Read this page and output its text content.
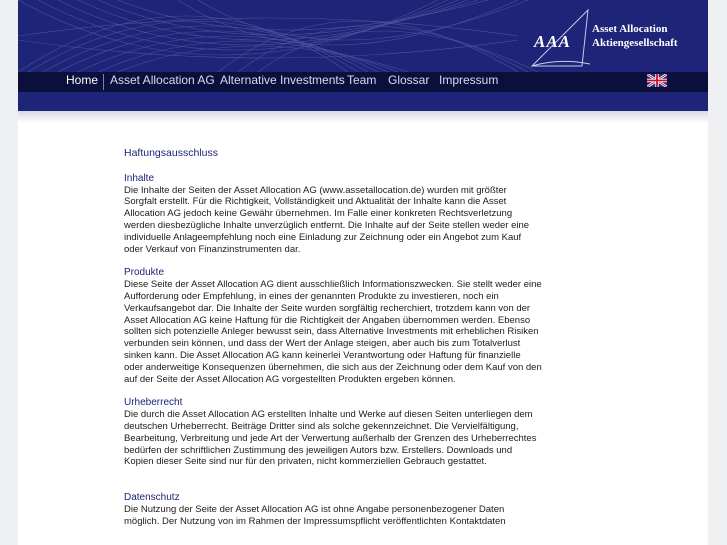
AAA
Asset Allocation
Aktiengesellschaft
Home Asset Allocation AG Alternative Investments Team Glossar Impressum

Haftungsausschluss

Inhalte

Die Inhalte der Seiten der Asset Allocation AG (www.assetallocation.de) wurden mit größter Sorgfalt erstellt. Für die Richtigkeit, Vollständigkeit und Aktualität der Inhalte kann die Asset Allocation AG jedoch keine Gewähr übernehmen. Im Falle einer konkreten Rechtsverletzung werden diesbezügliche Inhalte unverzüglich entfernt. Die Inhalte auf der Seite stellen weder eine individuelle Anlageempfehlung noch eine Einladung zur Zeichnung oder ein Angebot zum Kauf oder Verkauf von Finanzinstrumenten dar.

Produkte

Diese Seite der Asset Allocation AG dient ausschließlich Informationszwecken. Sie stellt weder eine Aufforderung oder Empfehlung, in eines der genannten Produkte zu investieren, noch ein Verkaufsangebot dar. Die Inhalte der Seite wurden sorgfältig recherchiert, trotzdem kann von der Asset Allocation AG keine Haftung für die Richtigkeit der Angaben übernommen werden. Ebenso sollten sich potenzielle Anleger bewusst sein, dass Alternative Investments mit erheblichen Risiken verbunden sein können, und dass der Wert der Anlage steigen, aber auch bis zum Totalverlust sinken kann. Die Asset Allocation AG kann keinerlei Verantwortung oder Haftung für finanzielle oder anderweitige Konsequenzen übernehmen, die sich aus der Zeichnung oder dem Kauf von den auf der Seite der Asset Allocation AG vorgestellten Produkten ergeben können.

Urheberrecht

Die durch die Asset Allocation AG erstellten Inhalte und Werke auf diesen Seiten unterliegen dem deutschen Urheberrecht. Beiträge Dritter sind als solche gekennzeichnet. Die Vervielfältigung, Bearbeitung, Verbreitung und jede Art der Verwertung außerhalb der Grenzen des Urheberrechtes bedürfen der schriftlichen Zustimmung des jeweiligen Autors bzw. Erstellers. Downloads und Kopien dieser Seite sind nur für den privaten, nicht kommerziellen Gebrauch gestattet.

Datenschutz

Die Nutzung der Seite der Asset Allocation AG ist ohne Angabe personenbezogener Daten möglich. Der Nutzung von im Rahmen der Impressumspflicht veröffentlichten Kontaktdaten
